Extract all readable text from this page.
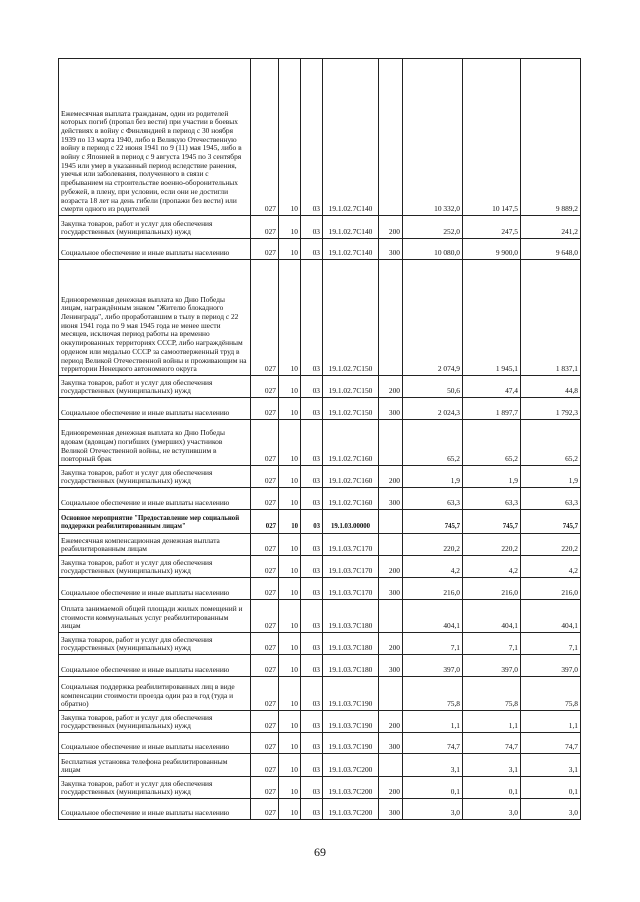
Ежемесячная выплата гражданам, один из родителей которых погиб (пропал без вести) при участии в боевых действиях в войну с Финляндией в период с 30 ноября 1939 по 13 марта 1940, либо в Великую Отечественную войну в период с 22 июня 1941 по 9 (11) мая 1945, либо в войну с Японией в период с 9 августа 1945 по 3 сентября 1945 или умер в указанный период вследствие ранения, увечья или заболевания, полученного в связи с пребыванием на строительстве военно-оборонительных рубежей, в плену, при условии, если они не достигли возраста 18 лет на день гибели (пропажи без вести) или смерти одного из родителей	027	10	03	19.1.02.7С140		10 332,0	10 147,5	9 889,2
Закупка товаров, работ и услуг для обеспечения государственных (муниципальных) нужд	027	10	03	19.1.02.7С140	200	252,0	247,5	241,2
Социальное обеспечение и иные выплаты населению	027	10	03	19.1.02.7С140	300	10 080,0	9 900,0	9 648,0
Единовременная денежная выплата ко Дню Победы лицам, награждённым знаком "Жителю блокадного Ленинграда", либо проработавшим в тылу в период с 22 июня 1941 года по 9 мая 1945 года не менее шести месяцев, исключая период работы на временно оккупированных территориях СССР, либо награждённым орденом или медалью СССР за самоотверженный труд в период Великой Отечественной войны и проживающим на территории Ненецкого автономного округа	027	10	03	19.1.02.7С150		2 074,9	1 945,1	1 837,1
Закупка товаров, работ и услуг для обеспечения государственных (муниципальных) нужд	027	10	03	19.1.02.7С150	200	50,6	47,4	44,8
Социальное обеспечение и иные выплаты населению	027	10	03	19.1.02.7С150	300	2 024,3	1 897,7	1 792,3
Единовременная денежная выплата ко Дню Победы вдовам (вдовцам) погибших (умерших) участников Великой Отечественной войны, не вступившим в повторный брак	027	10	03	19.1.02.7С160		65,2	65,2	65,2
Закупка товаров, работ и услуг для обеспечения государственных (муниципальных) нужд	027	10	03	19.1.02.7С160	200	1,9	1,9	1,9
Социальное обеспечение и иные выплаты населению	027	10	03	19.1.02.7С160	300	63,3	63,3	63,3
Основное мероприятие "Предоставление мер социальной поддержки реабилитированным лицам"	027	10	03	19.1.03.00000		745,7	745,7	745,7
Ежемесячная компенсационная денежная выплата реабилитированным лицам	027	10	03	19.1.03.7С170		220,2	220,2	220,2
Закупка товаров, работ и услуг для обеспечения государственных (муниципальных) нужд	027	10	03	19.1.03.7С170	200	4,2	4,2	4,2
Социальное обеспечение и иные выплаты населению	027	10	03	19.1.03.7С170	300	216,0	216,0	216,0
Оплата занимаемой общей площади жилых помещений и стоимости коммунальных услуг реабилитированным лицам	027	10	03	19.1.03.7С180		404,1	404,1	404,1
Закупка товаров, работ и услуг для обеспечения государственных (муниципальных) нужд	027	10	03	19.1.03.7С180	200	7,1	7,1	7,1
Социальное обеспечение и иные выплаты населению	027	10	03	19.1.03.7С180	300	397,0	397,0	397,0
Социальная поддержка реабилитированных лиц в виде компенсации стоимости проезда один раз в год (туда и обратно)	027	10	03	19.1.03.7С190		75,8	75,8	75,8
Закупка товаров, работ и услуг для обеспечения государственных (муниципальных) нужд	027	10	03	19.1.03.7С190	200	1,1	1,1	1,1
Социальное обеспечение и иные выплаты населению	027	10	03	19.1.03.7С190	300	74,7	74,7	74,7
Бесплатная установка телефона реабилитированным лицам	027	10	03	19.1.03.7С200		3,1	3,1	3,1
Закупка товаров, работ и услуг для обеспечения государственных (муниципальных) нужд	027	10	03	19.1.03.7С200	200	0,1	0,1	0,1
Социальное обеспечение и иные выплаты населению	027	10	03	19.1.03.7С200	300	3,0	3,0	3,0
69
